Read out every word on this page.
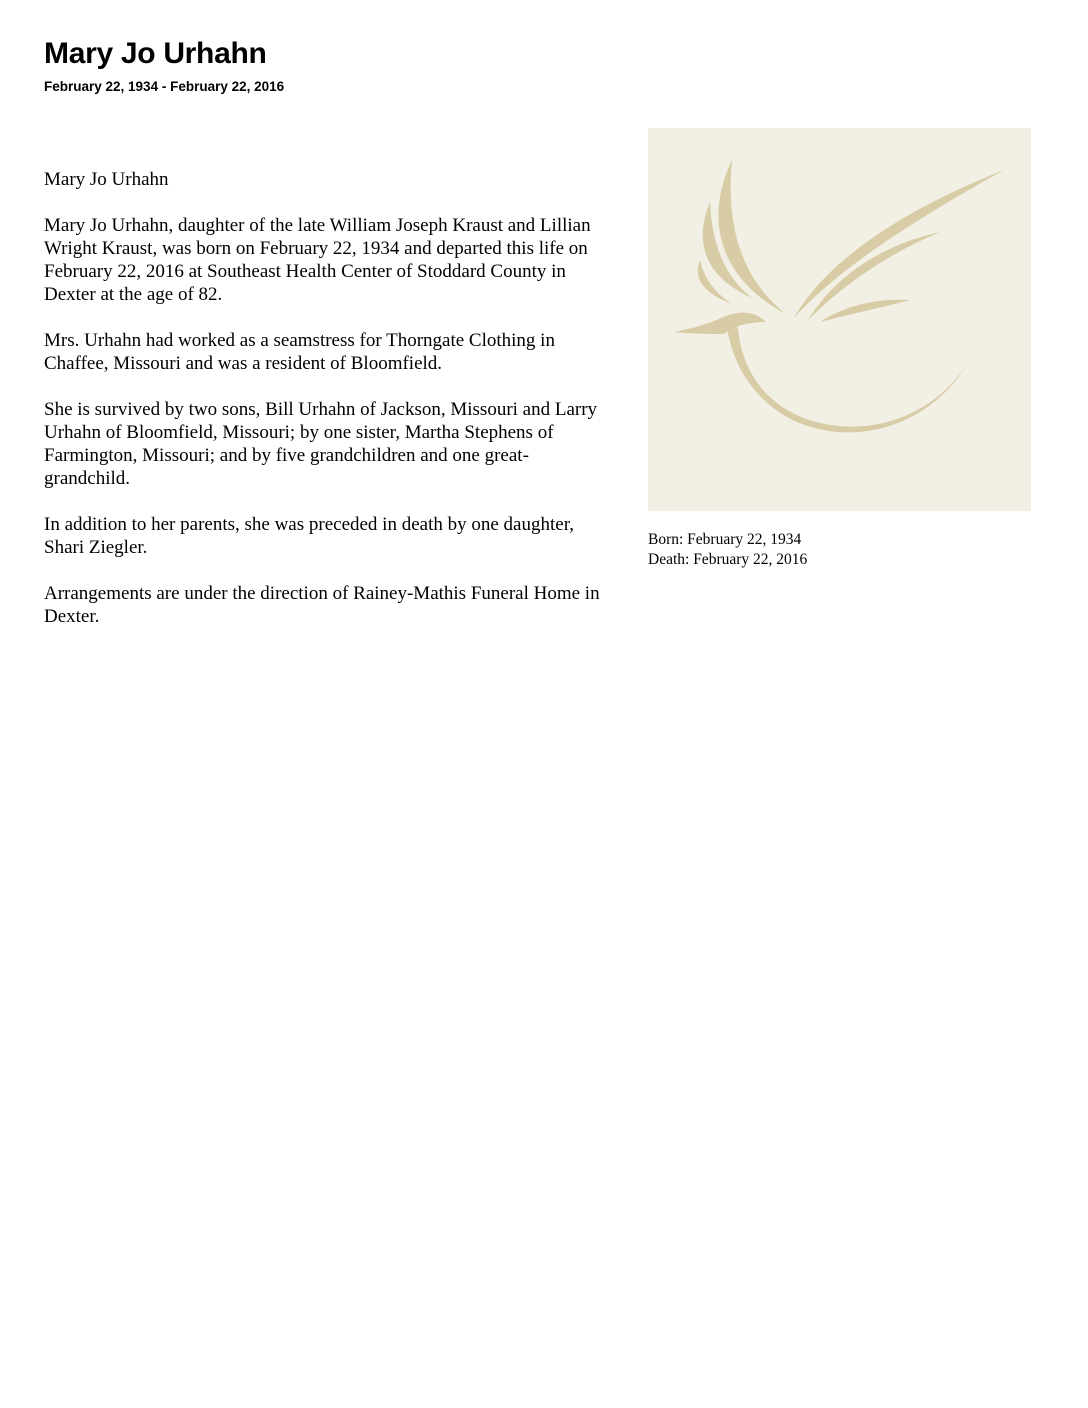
Mary Jo Urhahn
February 22, 1934 - February 22, 2016

Mary Jo Urhahn

Mary Jo Urhahn, daughter of the late William Joseph Kraust and Lillian Wright Kraust, was born on February 22, 1934 and departed this life on February 22, 2016 at Southeast Health Center of Stoddard County in Dexter at the age of 82.

Mrs. Urhahn had worked as a seamstress for Thorngate Clothing in Chaffee, Missouri and was a resident of Bloomfield.

She is survived by two sons, Bill Urhahn of Jackson, Missouri and Larry Urhahn of Bloomfield, Missouri; by one sister, Martha Stephens of Farmington, Missouri; and by five grandchildren and one great-grandchild.

In addition to her parents, she was preceded in death by one daughter, Shari Ziegler.

Arrangements are under the direction of Rainey-Mathis Funeral Home in Dexter.

Born: February 22, 1934
Death: February 22, 2016
